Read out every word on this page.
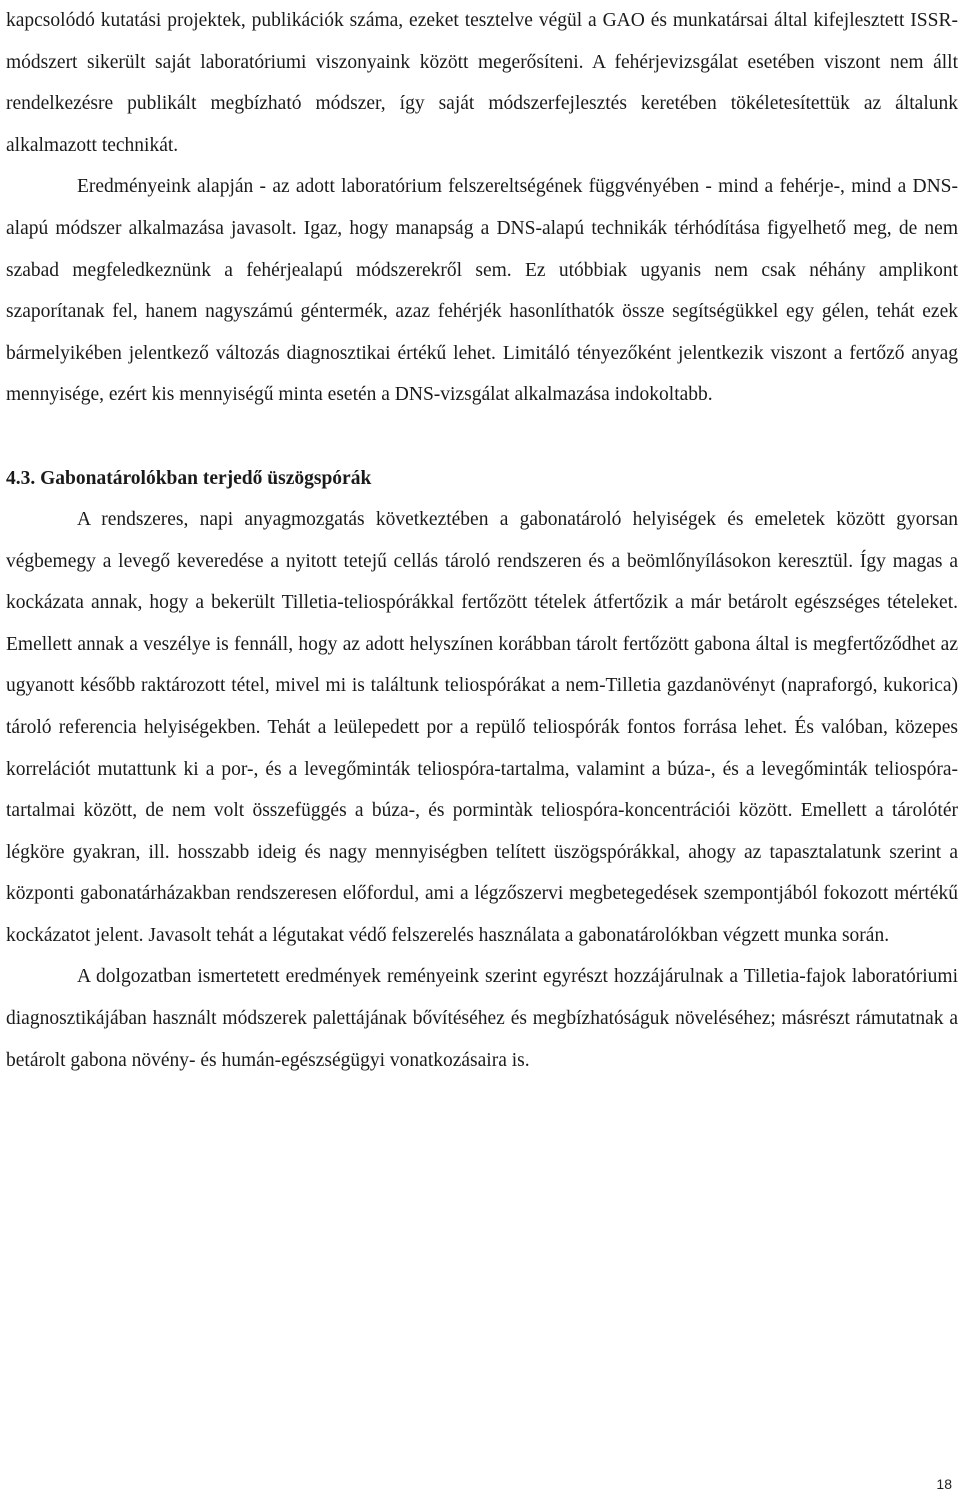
kapcsolódó kutatási projektek, publikációk száma, ezeket tesztelve végül a GAO és munkatársai által kifejlesztett ISSR-módszert sikerült saját laboratóriumi viszonyaink között megerősíteni. A fehérjevizsgálat esetében viszont nem állt rendelkezésre publikált megbízható módszer, így saját módszerfejlesztés keretében tökéletesítettük az általunk alkalmazott technikát.

Eredményeink alapján - az adott laboratórium felszereltségének függvényében - mind a fehérje-, mind a DNS-alapú módszer alkalmazása javasolt. Igaz, hogy manapság a DNS-alapú technikák térhódítása figyelhető meg, de nem szabad megfeledkeznünk a fehérjealapú módszerekről sem. Ez utóbbiak ugyanis nem csak néhány amplikont szaporítanak fel, hanem nagyszámú géntermék, azaz fehérjék hasonlíthatók össze segítségükkel egy gélen, tehát ezek bármelyikében jelentkező változás diagnosztikai értékű lehet. Limitáló tényezőként jelentkezik viszont a fertőző anyag mennyisége, ezért kis mennyiségű minta esetén a DNS-vizsgálat alkalmazása indokoltabb.

4.3. Gabonatárolókban terjedő üszögspórák

A rendszeres, napi anyagmozgatás következtében a gabonatároló helyiségek és emeletek között gyorsan végbemegy a levegő keveredése a nyitott tetejű cellás tároló rendszeren és a beömlőnyílásokon keresztül. Így magas a kockázata annak, hogy a bekerült Tilletia-teliospórákkal fertőzött tételek átfertőzik a már betárolt egészséges tételeket. Emellett annak a veszélye is fennáll, hogy az adott helyszínen korábban tárolt fertőzött gabona által is megfertőződhet az ugyanott később raktározott tétel, mivel mi is találtunk teliospórákat a nem-Tilletia gazdanövényt (napraforgó, kukorica) tároló referencia helyiségekben. Tehát a leülepedett por a repülő teliospórák fontos forrása lehet. És valóban, közepes korrelációt mutattunk ki a por-, és a levegőminták teliospóra-tartalma, valamint a búza-, és a levegőminták teliospóra-tartalmai között, de nem volt összefüggés a búza-, és pormintàk teliospóra-koncentrációi között. Emellett a tárolótér légköre gyakran, ill. hosszabb ideig és nagy mennyiségben telített üszögspórákkal, ahogy az tapasztalatunk szerint a központi gabonatárházakban rendszeresen előfordul, ami a légzőszervi megbetegedések szempontjából fokozott mértékű kockázatot jelent. Javasolt tehát a légutakat védő felszerelés használata a gabonatárolókban végzett munka során.

A dolgozatban ismertetett eredmények reményeink szerint egyrészt hozzájárulnak a Tilletia-fajok laboratóriumi diagnosztikájában használt módszerek palettájának bővítéséhez és megbízhatóságuk növeléséhez; másrészt rámutatnak a betárolt gabona növény- és humán-egészségügyi vonatkozásaira is.

18
